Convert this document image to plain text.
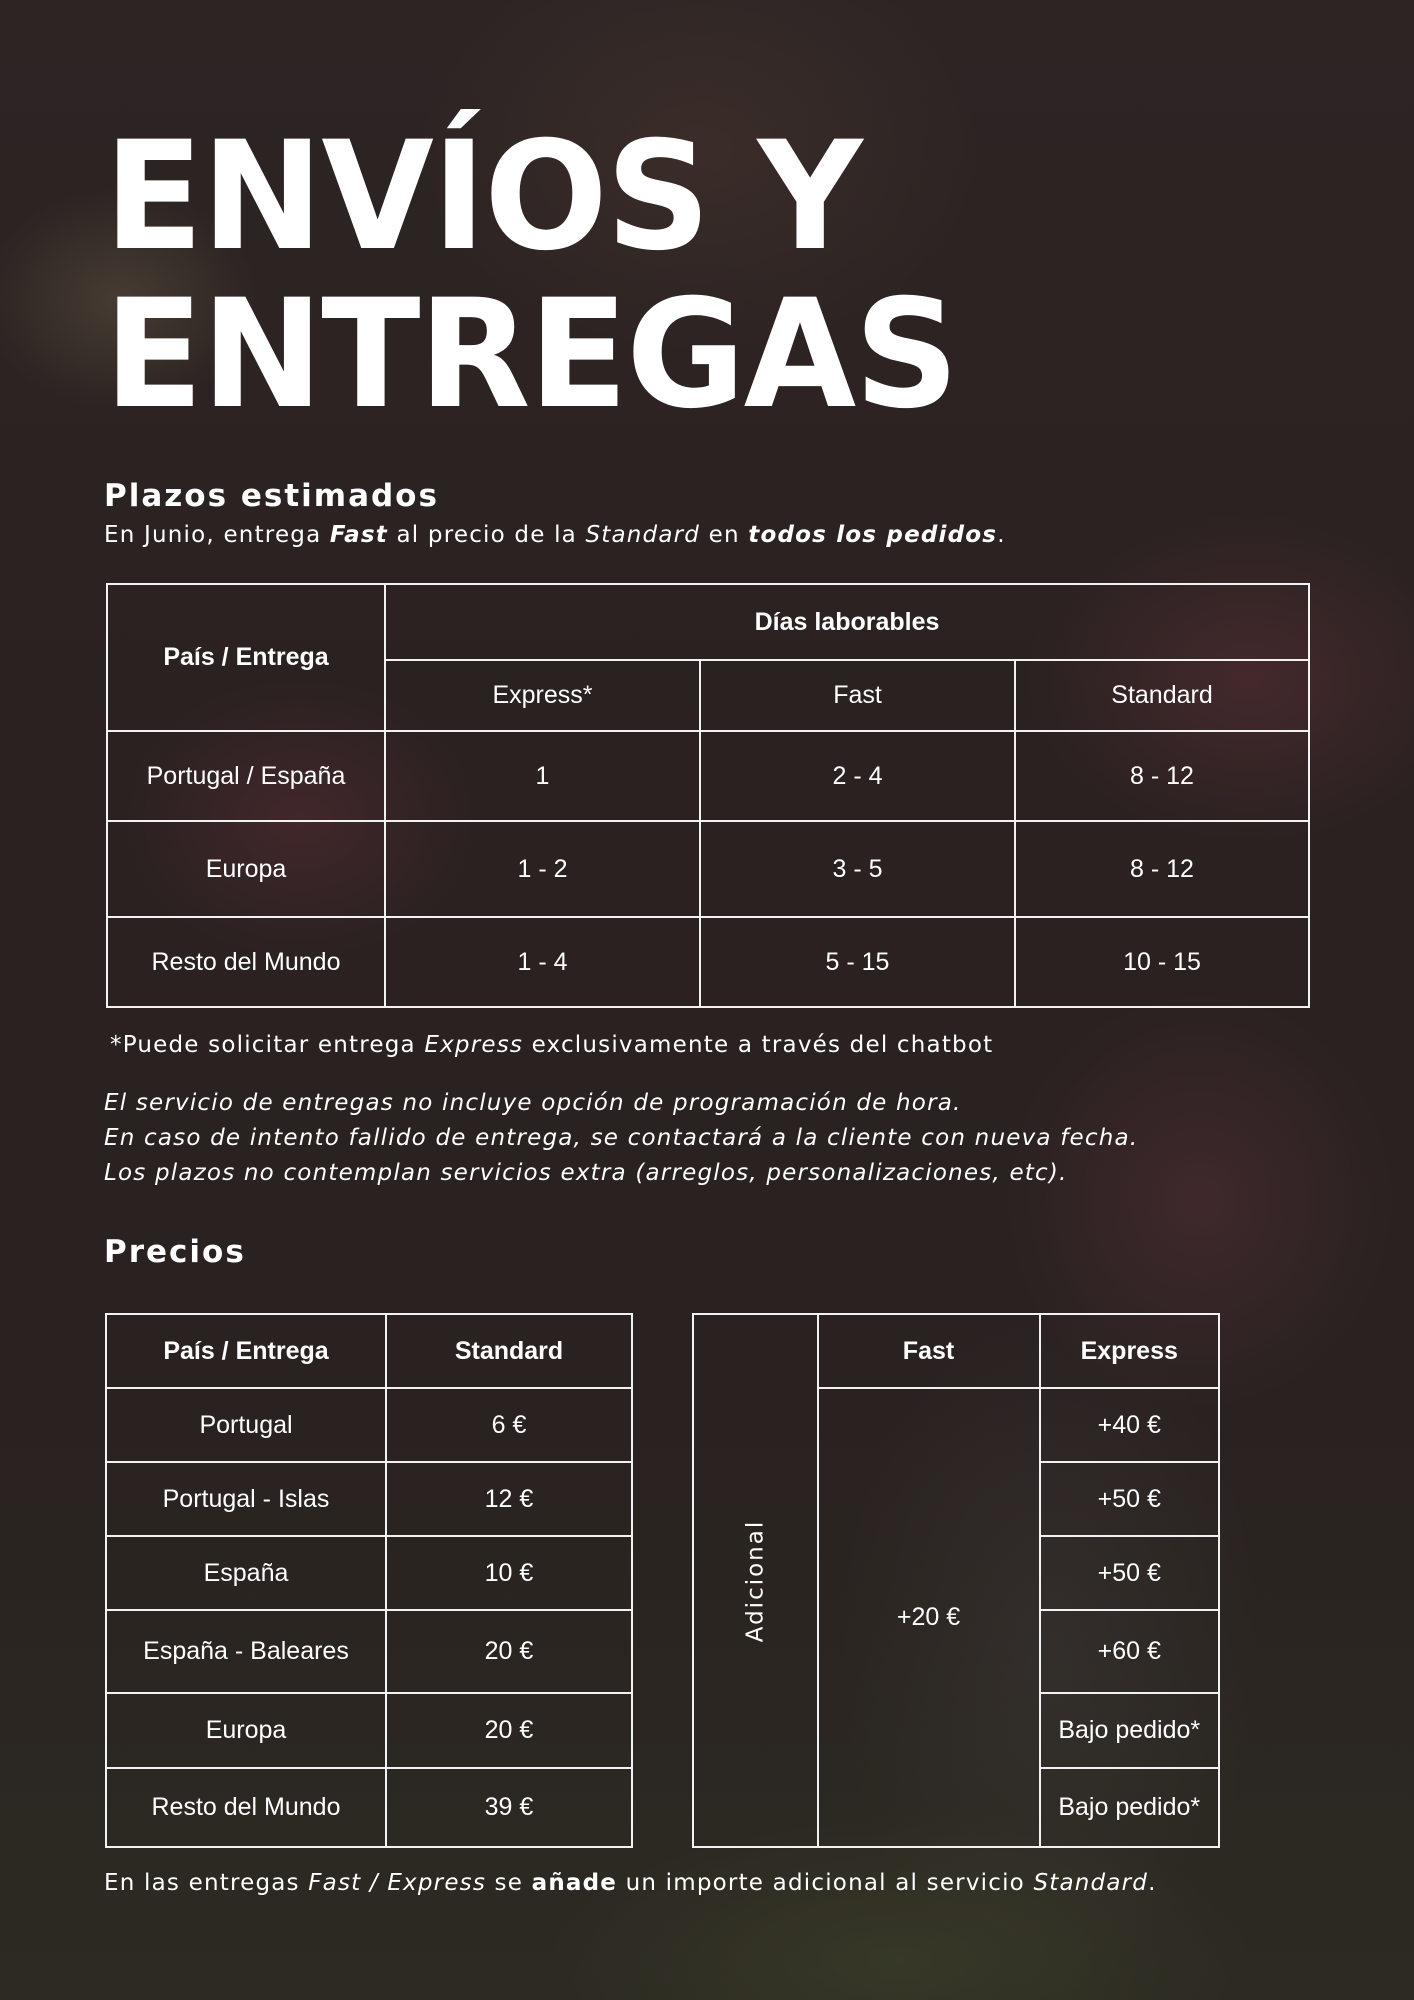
ENVÍOS Y
ENTREGAS
Plazos estimados

En Junio, entrega Fast al precio de la Standard en todos los pedidos.

País / Entrega	Días laborables		
	Express*	Fast	Standard
Portugal / España	1	2 - 4	8 - 12
Europa	1 - 2	3 - 5	8 - 12
Resto del Mundo	1 - 4	5 - 15	10 - 15

*Puede solicitar entrega Express exclusivamente a través del chatbot

El servicio de entregas no incluye opción de programación de hora.

En caso de intento fallido de entrega, se contactará a la cliente con nueva fecha.

Los plazos no contemplan servicios extra (arreglos, personalizaciones, etc).

Precios
País / Entrega	Standard
Portugal	6 €
Portugal - Islas	12 €
España	10 €
España - Baleares	20 €
Europa	20 €
Resto del Mundo	39 €
Adicional	Fast	Express
	+20 €	+40 €
		+50 €
		+50 €
		+60 €
		Bajo pedido*
		Bajo pedido*

En las entregas Fast / Express se añade un importe adicional al servicio Standard.
